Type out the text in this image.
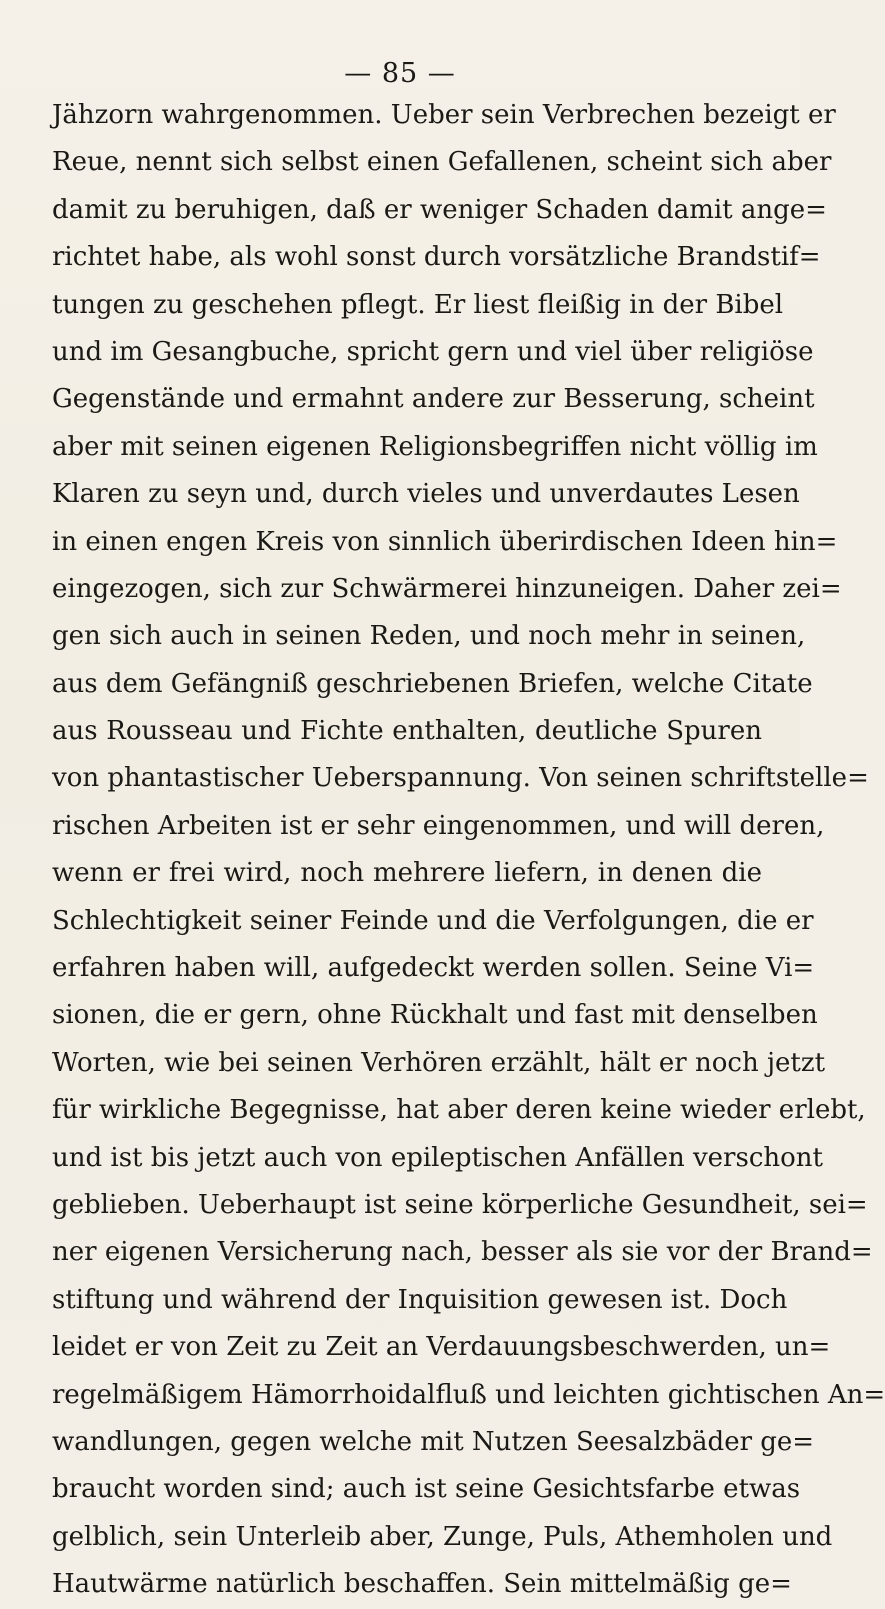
— 85 —
Jähzorn wahrgenommen. Ueber sein Verbrechen bezeigt er
Reue, nennt sich selbst einen Gefallenen, scheint sich aber
damit zu beruhigen, daß er weniger Schaden damit ange=
richtet habe, als wohl sonst durch vorsätzliche Brandstif=
tungen zu geschehen pflegt. Er liest fleißig in der Bibel
und im Gesangbuche, spricht gern und viel über religiöse
Gegenstände und ermahnt andere zur Besserung, scheint
aber mit seinen eigenen Religionsbegriffen nicht völlig im
Klaren zu seyn und, durch vieles und unverdautes Lesen
in einen engen Kreis von sinnlich überirdischen Ideen hin=
eingezogen, sich zur Schwärmerei hinzuneigen. Daher zei=
gen sich auch in seinen Reden, und noch mehr in seinen,
aus dem Gefängniß geschriebenen Briefen, welche Citate
aus Rousseau und Fichte enthalten, deutliche Spuren
von phantastischer Ueberspannung. Von seinen schriftstelle=
rischen Arbeiten ist er sehr eingenommen, und will deren,
wenn er frei wird, noch mehrere liefern, in denen die
Schlechtigkeit seiner Feinde und die Verfolgungen, die er
erfahren haben will, aufgedeckt werden sollen. Seine Vi=
sionen, die er gern, ohne Rückhalt und fast mit denselben
Worten, wie bei seinen Verhören erzählt, hält er noch jetzt
für wirkliche Begegnisse, hat aber deren keine wieder erlebt,
und ist bis jetzt auch von epileptischen Anfällen verschont
geblieben. Ueberhaupt ist seine körperliche Gesundheit, sei=
ner eigenen Versicherung nach, besser als sie vor der Brand=
stiftung und während der Inquisition gewesen ist. Doch
leidet er von Zeit zu Zeit an Verdauungsbeschwerden, un=
regelmäßigem Hämorrhoidalfluß und leichten gichtischen An=
wandlungen, gegen welche mit Nutzen Seesalzbäder ge=
braucht worden sind; auch ist seine Gesichtsfarbe etwas
gelblich, sein Unterleib aber, Zunge, Puls, Athemholen und
Hautwärme natürlich beschaffen. Sein mittelmäßig ge=
